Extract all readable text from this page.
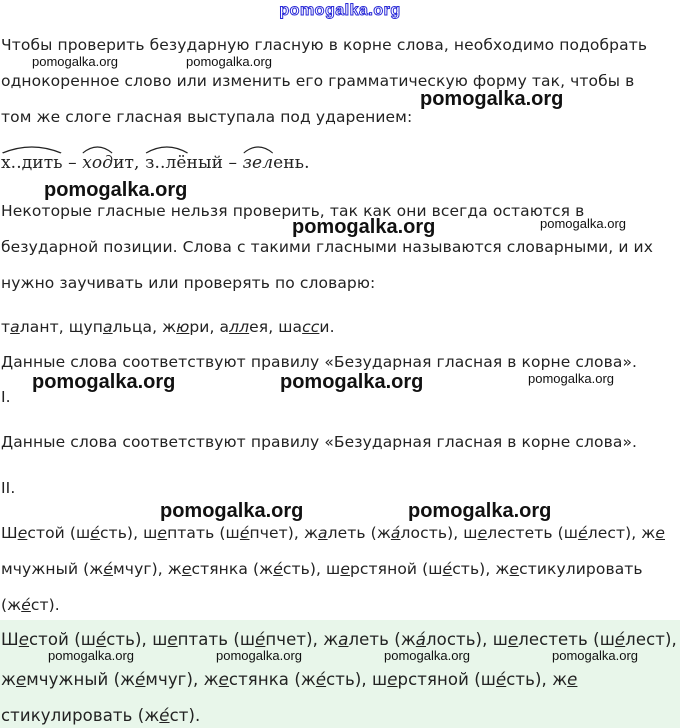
pomogalka.org
Чтобы проверить безударную гласную в корне слова, необходимо подобрать
однокоренное слово или изменить его грамматическую форму так, чтобы в
том же слоге гласная выступала под ударением:
х..дить – ходит, з..лёный – зелень.
Некоторые гласные нельзя проверить, так как они всегда остаются в
безударной позиции. Слова с такими гласными называются словарными, и их
нужно заучивать или проверять по словарю:
талант, щупальца, жюри, аллея, шасси.
Данные слова соответствуют правилу «Безударная гласная в корне слова».
I.
Данные слова соответствуют правилу «Безударная гласная в корне слова».
II.
Шестой (ше́сть), шептать (ше́пчет), жалеть (жа́лость), шелестеть (ше́лест), же
мчужный (же́мчуг), жестянка (же́сть), шерстяной (ше́сть), жестикулировать
(же́ст).
Шестой (ше́сть), шептать (ше́пчет), жалеть (жа́лость), шелестеть (ше́лест),
жемчужный (же́мчуг), жестянка (же́сть), шерстяной (ше́сть), же
стикулировать (же́ст).
pomogalka.org	pomogalka.org
pomogalka.org
pomogalka.org
pomogalka.org	pomogalka.org
pomogalka.org	pomogalka.org	pomogalka.org
pomogalka.org	pomogalka.org
pomogalka.org	pomogalka.org	pomogalka.org	pomogalka.org
